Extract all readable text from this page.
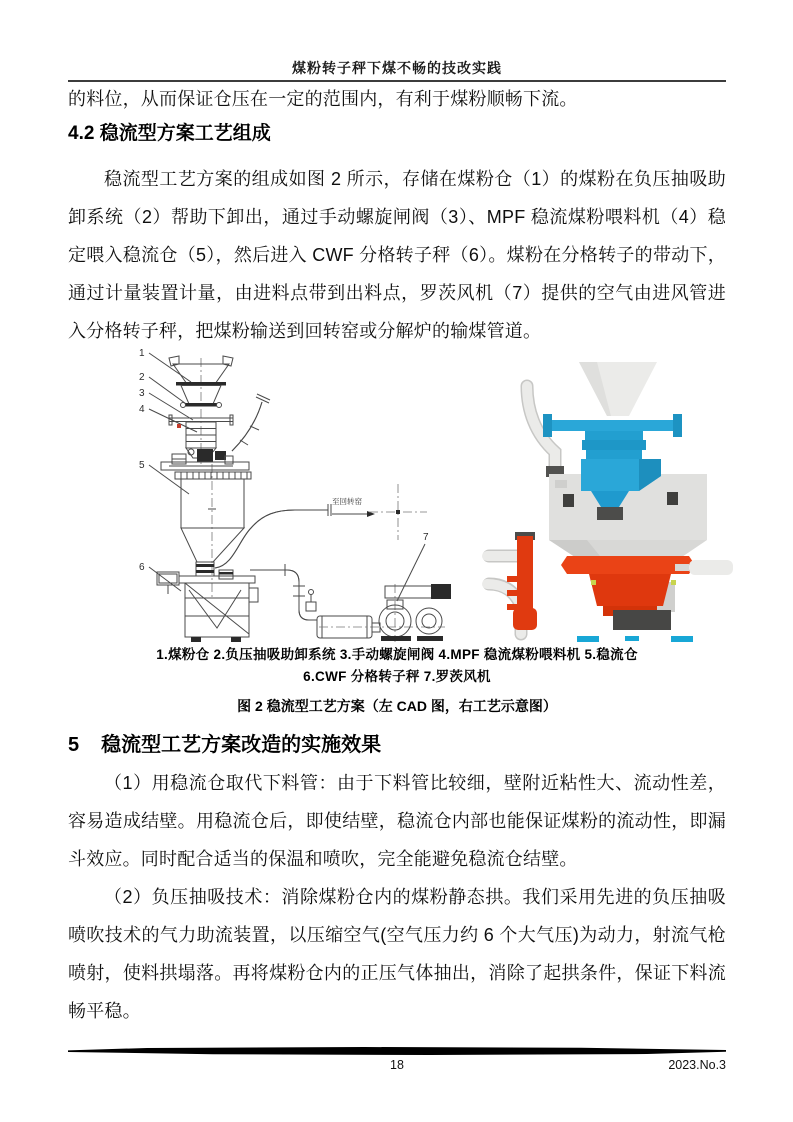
煤粉转子秤下煤不畅的技改实践
的料位，从而保证仓压在一定的范围内，有利于煤粉顺畅下流。
4.2 稳流型方案工艺组成
稳流型工艺方案的组成如图 2 所示，存储在煤粉仓（1）的煤粉在负压抽吸助卸系统（2）帮助下卸出，通过手动螺旋闸阀（3）、MPF 稳流煤粉喂料机（4）稳定喂入稳流仓（5），然后进入 CWF 分格转子秤（6）。煤粉在分格转子的带动下，通过计量装置计量，由进料点带到出料点，罗茨风机（7）提供的空气由进风管进入分格转子秤，把煤粉输送到回转窑或分解炉的输煤管道。
1
2
3
4
5
6
7
至回转窑
1.煤粉仓 2.负压抽吸助卸系统 3.手动螺旋闸阀 4.MPF 稳流煤粉喂料机 5.稳流仓
6.CWF 分格转子秤 7.罗茨风机
图 2 稳流型工艺方案（左 CAD 图，右工艺示意图）
5 稳流型工艺方案改造的实施效果
（1）用稳流仓取代下料管：由于下料管比较细，壁附近粘性大、流动性差，容易造成结壁。用稳流仓后，即使结壁，稳流仓内部也能保证煤粉的流动性，即漏斗效应。同时配合适当的保温和喷吹，完全能避免稳流仓结壁。
（2）负压抽吸技术：消除煤粉仓内的煤粉静态拱。我们采用先进的负压抽吸喷吹技术的气力助流装置，以压缩空气(空气压力约 6 个大气压)为动力，射流气枪喷射，使料拱塌落。再将煤粉仓内的正压气体抽出，消除了起拱条件，保证下料流畅平稳。
18	2023.No.3
